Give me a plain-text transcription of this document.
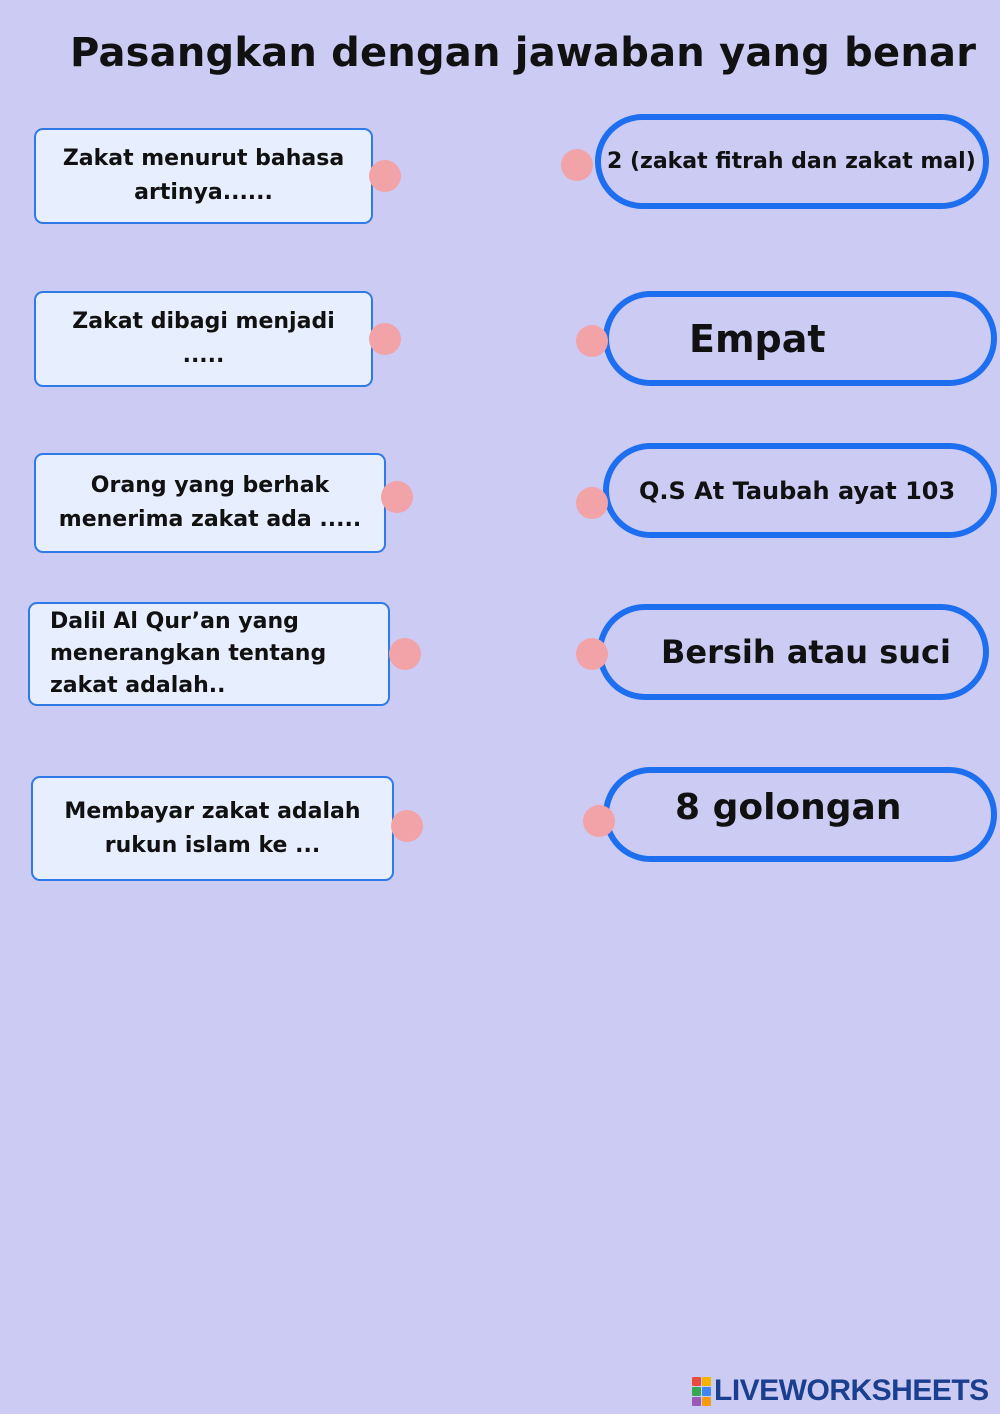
Pasangkan dengan jawaban yang benar
Zakat menurut bahasa artinya......
Zakat dibagi menjadi .....
Orang yang berhak menerima zakat ada .....
Dalil Al Qur’an yang menerangkan tentang zakat adalah..
Membayar zakat adalah rukun islam ke ...
2 (zakat fitrah dan zakat mal)
Empat
Q.S At Taubah ayat 103
Bersih atau suci
8 golongan
LIVEWORKSHEETS
